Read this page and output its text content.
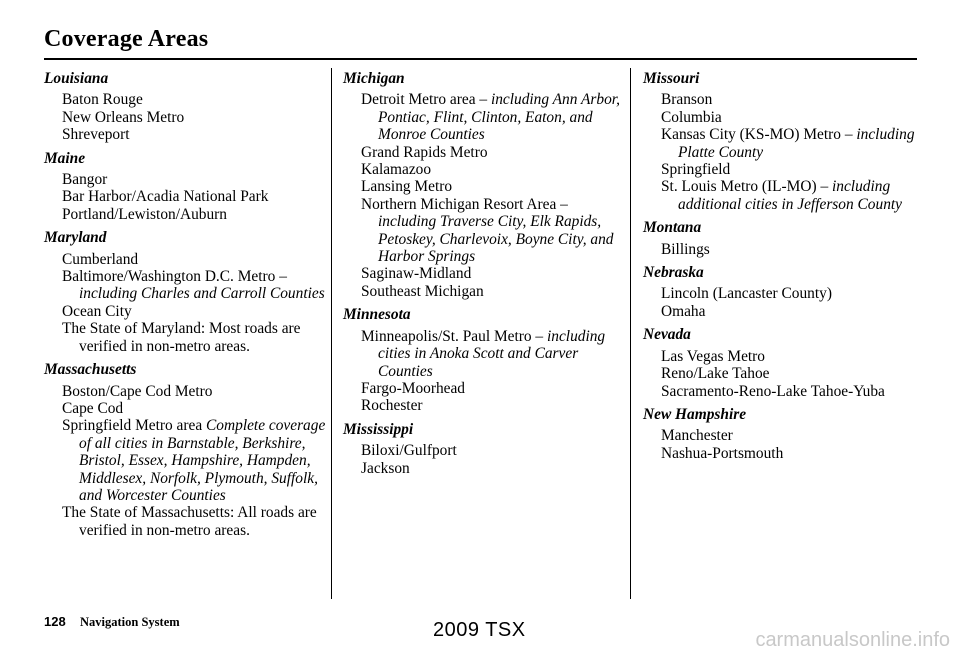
Coverage Areas
Louisiana
Baton Rouge
New Orleans Metro
Shreveport
Maine
Bangor
Bar Harbor/Acadia National Park
Portland/Lewiston/Auburn
Maryland
Cumberland
Baltimore/Washington D.C. Metro – including Charles and Carroll Counties
Ocean City
The State of Maryland: Most roads are verified in non-metro areas.
Massachusetts
Boston/Cape Cod Metro
Cape Cod
Springfield Metro area Complete coverage of all cities in Barnstable, Berkshire, Bristol, Essex, Hampshire, Hampden, Middlesex, Norfolk, Plymouth, Suffolk, and Worcester Counties
The State of Massachusetts: All roads are verified in non-metro areas.
Michigan
Detroit Metro area – including Ann Arbor, Pontiac, Flint, Clinton, Eaton, and Monroe Counties
Grand Rapids Metro
Kalamazoo
Lansing Metro
Northern Michigan Resort Area – including Traverse City, Elk Rapids, Petoskey, Charlevoix, Boyne City, and Harbor Springs
Saginaw-Midland
Southeast Michigan
Minnesota
Minneapolis/St. Paul Metro – including cities in Anoka Scott and Carver Counties
Fargo-Moorhead
Rochester
Mississippi
Biloxi/Gulfport
Jackson
Missouri
Branson
Columbia
Kansas City (KS-MO) Metro – including Platte County
Springfield
St. Louis Metro (IL-MO) – including additional cities in Jefferson County
Montana
Billings
Nebraska
Lincoln (Lancaster County)
Omaha
Nevada
Las Vegas Metro
Reno/Lake Tahoe
Sacramento-Reno-Lake Tahoe-Yuba
New Hampshire
Manchester
Nashua-Portsmouth
128 Navigation System	2009 TSX	carmanualsonline.info
